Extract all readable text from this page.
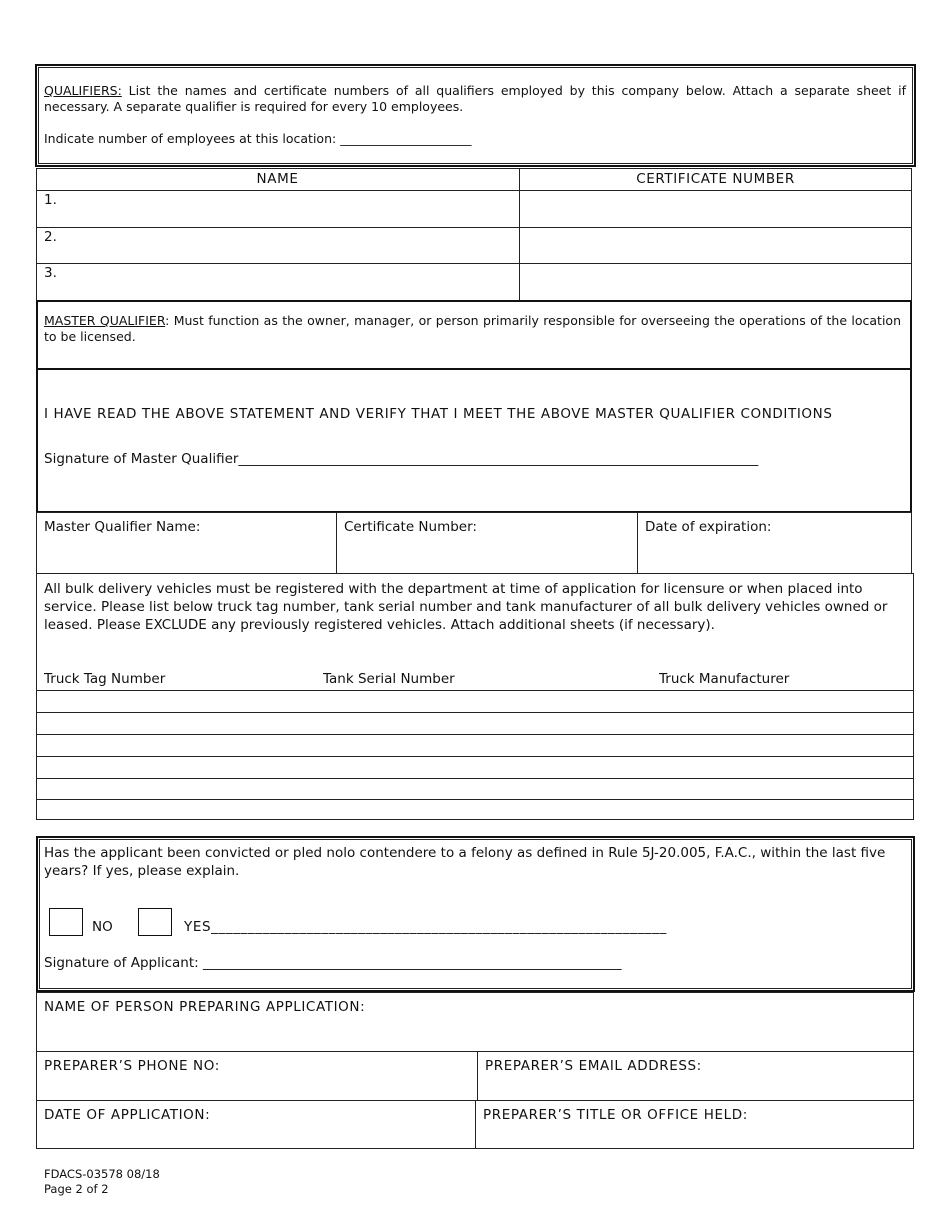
QUALIFIERS: List the names and certificate numbers of all qualifiers employed by this company below. Attach a separate sheet if necessary. A separate qualifier is required for every 10 employees.
Indicate number of employees at this location: _____________________
NAME	CERTIFICATE NUMBER
1.
2.
3.
MASTER QUALIFIER: Must function as the owner, manager, or person primarily responsible for overseeing the operations of the location to be licensed.
I HAVE READ THE ABOVE STATEMENT AND VERIFY THAT I MEET THE ABOVE MASTER QUALIFIER CONDITIONS
Signature of Master Qualifier_____________________________________________________________________________
Master Qualifier Name:	Certificate Number:	Date of expiration:
All bulk delivery vehicles must be registered with the department at time of application for licensure or when placed into service. Please list below truck tag number, tank serial number and tank manufacturer of all bulk delivery vehicles owned or leased. Please EXCLUDE any previously registered vehicles. Attach additional sheets (if necessary).
Truck Tag Number	Tank Serial Number	Truck Manufacturer
Has the applicant been convicted or pled nolo contendere to a felony as defined in Rule 5J-20.005, F.A.C., within the last five years? If yes, please explain.
NO	YES______________________________________________________________
Signature of Applicant: ______________________________________________________________
NAME OF PERSON PREPARING APPLICATION:
PREPARER’S PHONE NO:	PREPARER’S EMAIL ADDRESS:
DATE OF APPLICATION:	PREPARER’S TITLE OR OFFICE HELD:
FDACS-03578 08/18
Page 2 of 2
